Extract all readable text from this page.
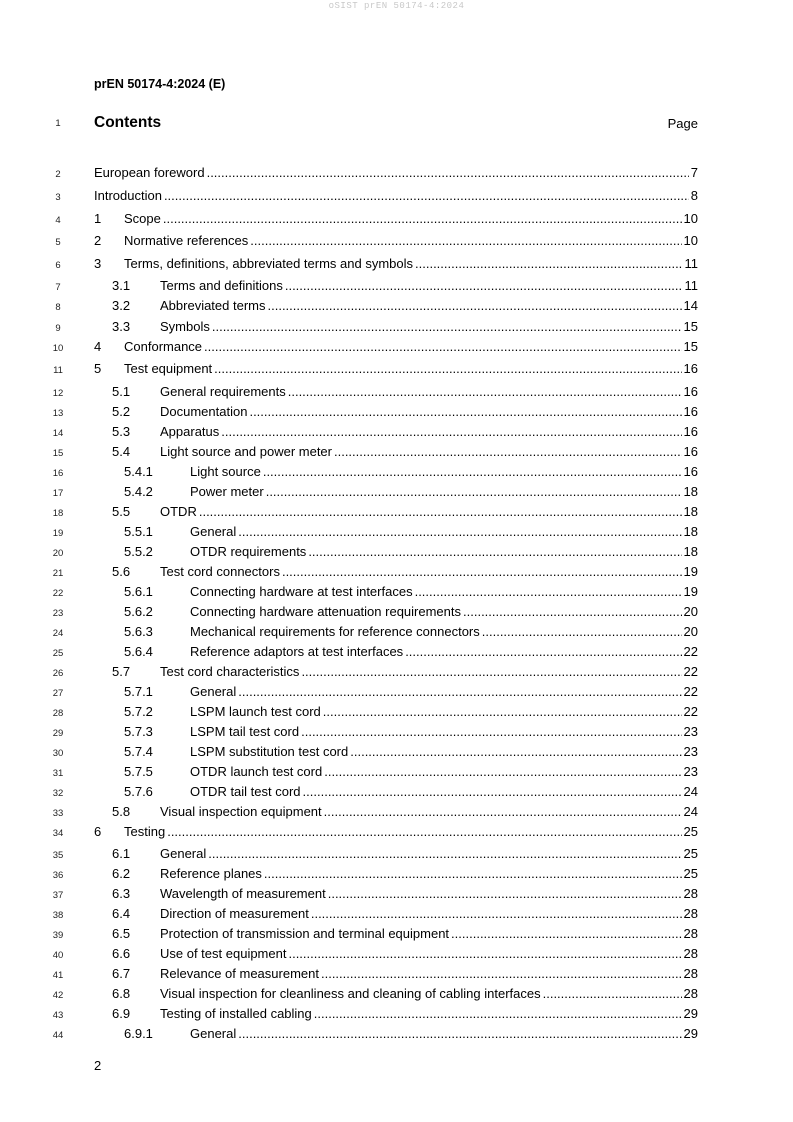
oSIST prEN 50174-4:2024
prEN 50174-4:2024 (E)
1	Contents	Page
2
3
4
5
6
7
8
9
10
11
12
13
14
15
16
17
18
19
20
21
22
23
24
25
26
27
28
29
30
31
32
33
34
35
36
37
38
39
40
41
42
43
44
European foreword .....	7
Introduction .....	8
1	Scope .....	10
2	Normative references .....	10
3	Terms, definitions, abbreviated terms and symbols .....	11
3.1	Terms and definitions .....	11
3.2	Abbreviated terms .....	14
3.3	Symbols .....	15
4	Conformance .....	15
5	Test equipment .....	16
5.1	General requirements .....	16
5.2	Documentation .....	16
5.3	Apparatus .....	16
5.4	Light source and power meter .....	16
5.4.1	Light source .....	16
5.4.2	Power meter .....	18
5.5	OTDR .....	18
5.5.1	General .....	18
5.5.2	OTDR requirements .....	18
5.6	Test cord connectors .....	19
5.6.1	Connecting hardware at test interfaces .....	19
5.6.2	Connecting hardware attenuation requirements .....	20
5.6.3	Mechanical requirements for reference connectors .....	20
5.6.4	Reference adaptors at test interfaces .....	22
5.7	Test cord characteristics .....	22
5.7.1	General .....	22
5.7.2	LSPM launch test cord .....	22
5.7.3	LSPM tail test cord .....	23
5.7.4	LSPM substitution test cord .....	23
5.7.5	OTDR launch test cord .....	23
5.7.6	OTDR tail test cord .....	24
5.8	Visual inspection equipment .....	24
6	Testing .....	25
6.1	General .....	25
6.2	Reference planes .....	25
6.3	Wavelength of measurement .....	28
6.4	Direction of measurement .....	28
6.5	Protection of transmission and terminal equipment .....	28
6.6	Use of test equipment .....	28
6.7	Relevance of measurement .....	28
6.8	Visual inspection for cleanliness and cleaning of cabling interfaces .....	28
6.9	Testing of installed cabling .....	29
6.9.1	General .....	29
2
